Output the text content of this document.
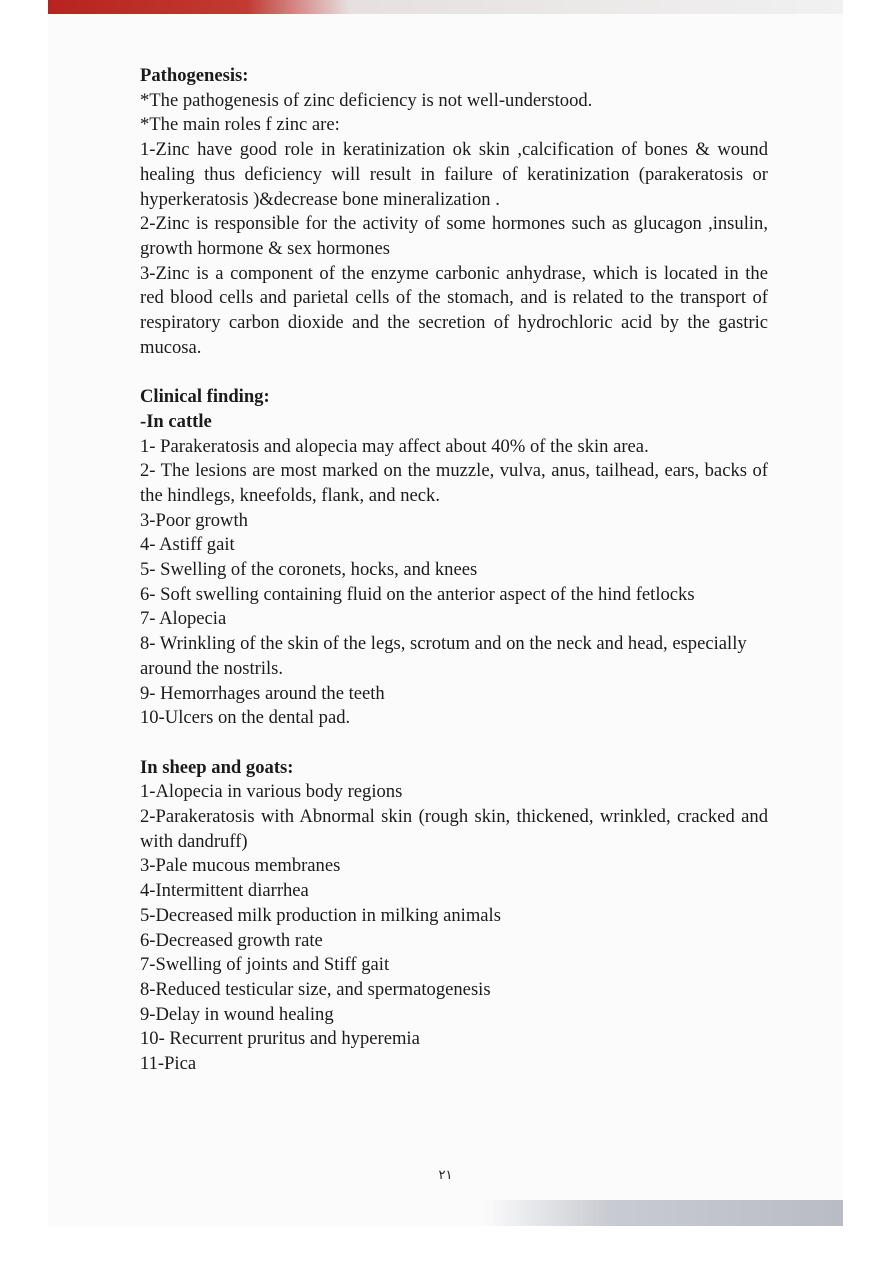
Pathogenesis:

*The pathogenesis of zinc deficiency is not well-understood.

*The main roles f zinc are:

1-Zinc have good role in keratinization ok skin ,calcification of bones & wound healing thus deficiency will result in failure of keratinization (parakeratosis or hyperkeratosis )&decrease bone mineralization .

2-Zinc is responsible for the activity of some hormones such as glucagon ,insulin, growth hormone & sex hormones

3-Zinc is a component of the enzyme carbonic anhydrase, which is located in the red blood cells and parietal cells of the stomach, and is related to the transport of respiratory carbon dioxide and the secretion of hydrochloric acid by the gastric mucosa.

Clinical finding:

-In cattle

1- Parakeratosis and alopecia may affect about 40% of the skin area.

2- The lesions are most marked on the muzzle, vulva, anus, tailhead, ears, backs of the hindlegs, kneefolds, flank, and neck.

3-Poor growth

4- Astiff gait

5- Swelling of the coronets, hocks, and knees

6- Soft swelling containing fluid on the anterior aspect of the hind fetlocks

7- Alopecia

8- Wrinkling of the skin of the legs, scrotum and on the neck and head, especially around the nostrils.

9- Hemorrhages around the teeth

10-Ulcers on the dental pad.

In sheep and goats:

1-Alopecia in various body regions

2-Parakeratosis with Abnormal skin (rough skin, thickened, wrinkled, cracked and with dandruff)

3-Pale mucous membranes

4-Intermittent diarrhea

5-Decreased milk production in milking animals

6-Decreased growth rate

7-Swelling of joints and Stiff gait

8-Reduced testicular size, and spermatogenesis

9-Delay in wound healing

10- Recurrent pruritus and hyperemia

11-Pica

٢١
